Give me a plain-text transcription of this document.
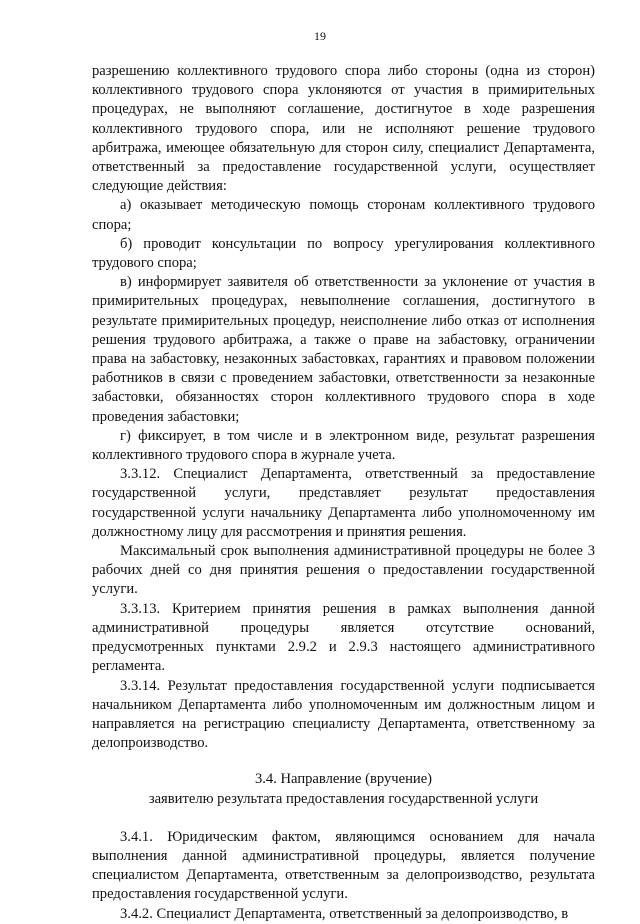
19

разрешению коллективного трудового спора либо стороны (одна из сторон) коллективного трудового спора уклоняются от участия в примирительных процедурах, не выполняют соглашение, достигнутое в ходе разрешения коллективного трудового спора, или не исполняют решение трудового арбитража, имеющее обязательную для сторон силу, специалист Департамента, ответственный за предоставление государственной услуги, осуществляет следующие действия:

а) оказывает методическую помощь сторонам коллективного трудового спора;

б) проводит консультации по вопросу урегулирования коллективного трудового спора;

в) информирует заявителя об ответственности за уклонение от участия в примирительных процедурах, невыполнение соглашения, достигнутого в результате примирительных процедур, неисполнение либо отказ от исполнения решения трудового арбитража, а также о праве на забастовку, ограничении права на забастовку, незаконных забастовках, гарантиях и правовом положении работников в связи с проведением забастовки, ответственности за незаконные забастовки, обязанностях сторон коллективного трудового спора в ходе проведения забастовки;

г) фиксирует, в том числе и в электронном виде, результат разрешения коллективного трудового спора в журнале учета.

3.3.12. Специалист Департамента, ответственный за предоставление государственной услуги, представляет результат предоставления государственной услуги начальнику Департамента либо уполномоченному им должностному лицу для рассмотрения и принятия решения.

Максимальный срок выполнения административной процедуры не более 3 рабочих дней со дня принятия решения о предоставлении государственной услуги.

3.3.13. Критерием принятия решения в рамках выполнения данной административной процедуры является отсутствие оснований, предусмотренных пунктами 2.9.2 и 2.9.3 настоящего административного регламента.

3.3.14. Результат предоставления государственной услуги подписывается начальником Департамента либо уполномоченным им должностным лицом и направляется на регистрацию специалисту Департамента, ответственному за делопроизводство.

3.4. Направление (вручение)

заявителю результата предоставления государственной услуги

3.4.1. Юридическим фактом, являющимся основанием для начала выполнения данной административной процедуры, является получение специалистом Департамента, ответственным за делопроизводство, результата предоставления государственной услуги.

3.4.2. Специалист Департамента, ответственный за делопроизводство, в
